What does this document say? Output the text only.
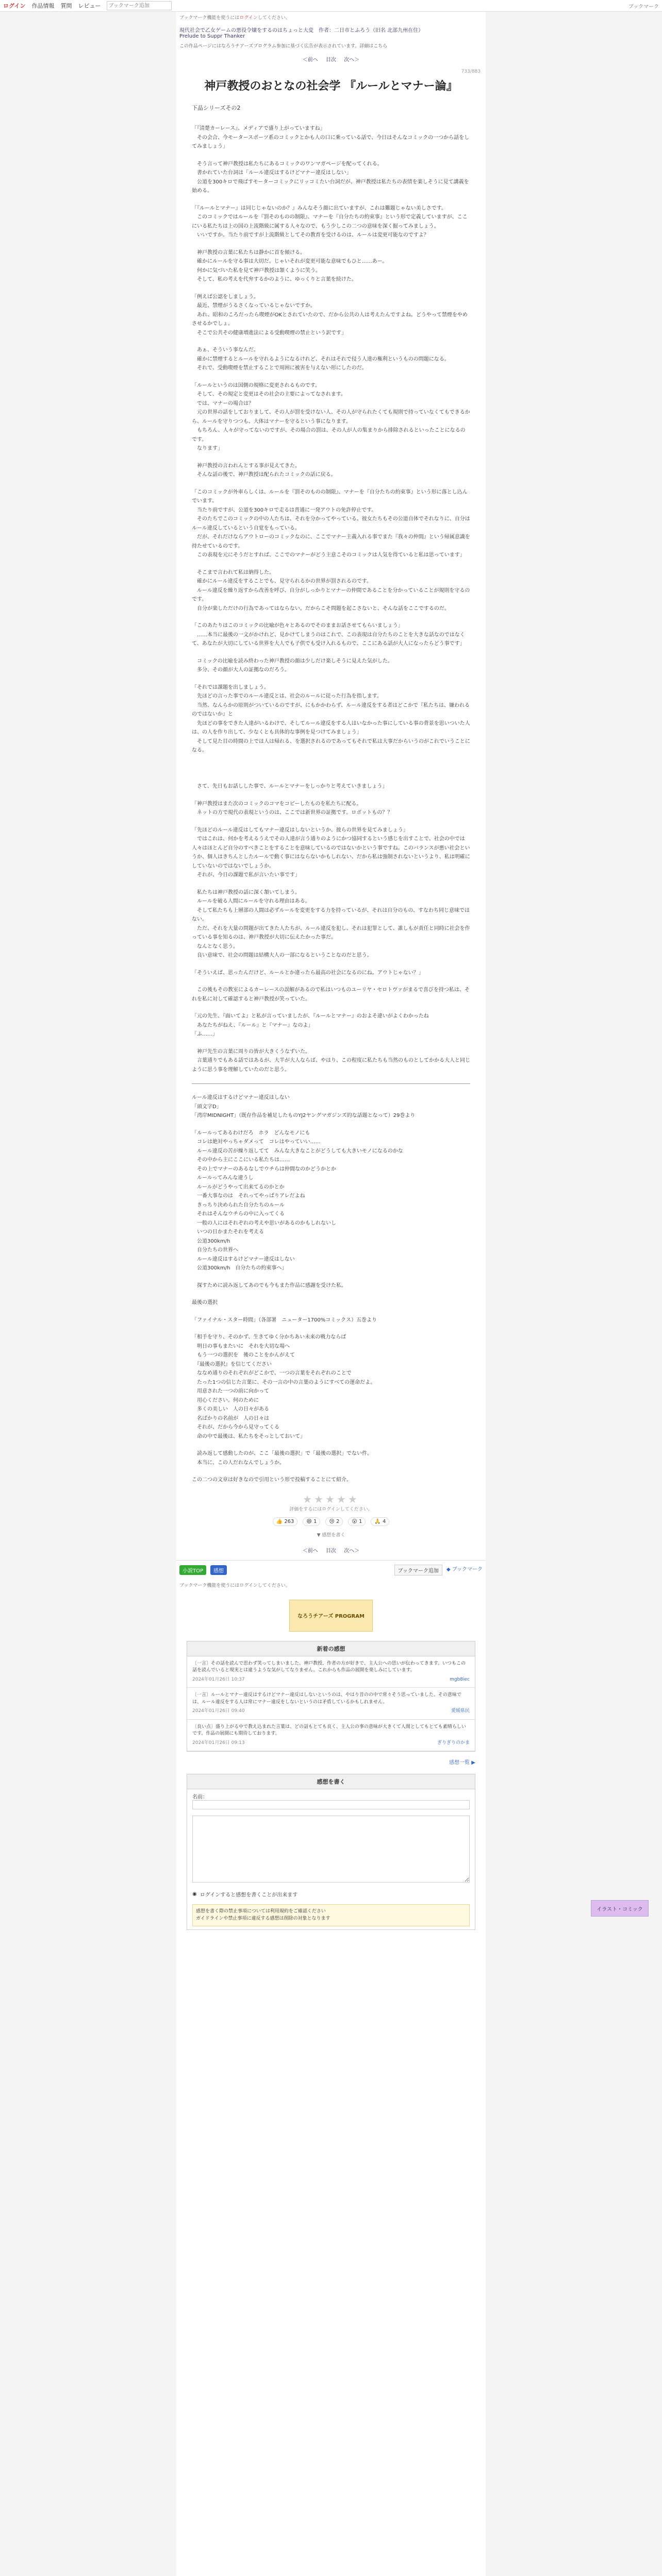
ログイン 作品情報 質問 レビュー
ブックマーク追加	ブックマーク
ブックマーク機能を使うにはログインしてください。
現代社会で乙女ゲームの悪役令嬢をするのはちょっと大変　 作者：二日市とふろう（旧名 北部九州在住）
Prelude to Suppr Thanker
この作品ページにはなろうチアーズプログラム参加に基づく広告が表示されています。詳細はこちら
＜前へ 目次 次へ＞
733/883
神戸教授のおとなの社会学 『ルールとマナー論』
下品シリーズその2

「『清楚カーレース』、メディアで盛り上がっていますね」
　その会合、今モータースポーツ系のコミックとかも人の口に乗っている話で、今日はそんなコミックの一つから話をしてみましょう」

　そう言って神戸教授は私たちにあるコミックのワンマガページを配ってくれる。
　書かれていた台詞は「ルール違反はするけどマナー違反はしない」
　公道を300キロで飛ばすモーターコミックにリッコミたい台詞だが、神戸教授は私たちの表情を楽しそうに見て講義を始める。

「『ルールとマナー』は同じじゃないのか？』みんなそう顔に出ていますが、これは難題じゃない美しさです。
　このコミックではルールを『罰そのものの制限』、マナーを『自分たちの約束事』という形で定義していますが、ここにいる私たちは上の国の上流階級に属する人々なので、もう少しこの二つの意味を深く掘ってみましょう。
　いいですか。当たり前ですが上流階級としてその教育を受けるのは、ルールは変更可能なのですよ？

　神戸教授の言葉に私たちは静かに首を傾ける。
　確かにルールを守る事は大切だ。じゃいそれが変更可能な意味でもひと……あー。
　何かに気づいた私を見て神戸教授は頷くように笑う。
　そして、私の考えを代弁するかのように、ゆっくりと言葉を続けた。

「例えば公認をしましょう。
　最近、禁煙がうるさくなっているじゃないですか。
　あれ、昭和のころだったら喫煙がOKとされていたので、だから公共の人は考えたんですよね。どうやって禁煙をやめさせるかでしょ。
　そこで公共その健康増進法による受動喫煙の禁止という訳です」

　あぁ、そういう事なんだ。
　確かに禁煙するとルールを守れるようになるけれど、それはそれで侵う人達の権利というものの問題になる。
　それで、受動喫煙を禁止することで周囲に被害を与えない形にしたのだ。

「ルールというのは国側の規格に変更されるものです。
　そして、その規定と変更はその社会の主要によってなされます。
　では、マナーの場合は？
　元の世界の話をしておりまして、その人が罰を受けない人、その人が守られたくても規則で持っていなくてもできるから、ルールを守りつつも、大体はマナーを守るという事になります。
　もちろん、人々が守ってないのですが、その場合の罰は、その人が人の集まりから排除されるといったことになるのです。
　なります」

　神戸教授の言われんとする事が見えてきた。
　そんな話の後で、神戸教授は配られたコミックの話に戻る。

「このコミックが外車らしくは、ルールを『罰そのものの制限』、マナーを『自分たちの約束事』という形に落とし込んでいます。
　当たり前ですが、公道を300キロで走るは普通に一発アウトの免許停止です。
　そのたちでこのコミックの中の人たちは、それを分かってやっている。彼女たちもその公道自体でそれなりに、自分はルール違反しているという自覚をもっている。
　だが、それだけならアウトローのコミックなのに、ここでマナー主義入れる事でまた『我々の仲間』という帰属意識を持たせているのです。
　この表現を元にそうだとすれば、ここでのマナーがどう主意こそのコミックは人気を得ていると私は思っています」

　そこまで言われて私は納得した。
　確かにルール違反をすることでも、見守られるかの世界が罰されるのです。
　ルール違反を繰り返すから改善を呼び、自分がしっかりとマナーの仲間であることを分かっていることが規則を守るのです。
　自分が楽しただけの行為であってはならない。だからこそ問題を起こさないと、そんな話をここでするのだ。

「このあたりはこのコミックの比喩が色々とあるのでそのままお話させてもらいましょう」
　……本当に最後の一文がかけれど、見かけてしまうのはこれで、この表現は自分たちのことを大きな話なのではなくて、あなたが大切にしている世界を大人でも子供でも受け入れるもので、ここにある話が大人になったらどう事です」

　コミックの比喩を読み終わった神戸教授の顔は少しだけ楽しそうに見えた気がした。
　多分、その顔が大人の証拠なのだろう。

「それでは課題を出しましょう。
　先ほどの言った事でのルール違反とは、社会のルールに従った行為を指します。
　当然、なんらかの原則がついているのですが、にもかかわらず、ルール違反をする者はどこかで『私たちは、嫌われるのではないか』と
　先ほどの事をできた人達がいるわけで、そしてルール違反をする人はいなかった事にしている事の背景を思いついた人は、の人を作り出して、少なくとも具体的な事例を見つけてみましょう」
　そして見た目の時間の上では人は帰れる、を選択されるのであってもそれで私は大事だからいうのがこれでいうことになる。

　さて、先日もお話しした事で、ルールとマナーをしっかりと考えていきましょう」

「神戸教授はまた次のコミックのコマをコピーしたものを私たちに配る。
　ネットの方で現代の表現というのは、ここでは新世界の証拠です。ロボットもの？？

「先ほどのルール違反はしてもマナー違反はしないというか、彼らの世界を見てみましょう」
　ではこれは、何かを考えるうえでその人達が言う通りのようにかつ協同するという感じを出すことで、社会の中では人々はほとんど自分のすべきことをすることを意味しているのではないかという事ですね。このバランスが悪い社会というか、個人はきちんとしたルールで動く事にはならないかもしれない、だから私は強制されないというより、私は明確にしていないのではないでしょうか。
　それが、今日の課題で私が言いたい事です」

　私たちは神戸教授の話に深く頷いてしまう。
　ルールを破る人間にルールを守れる理由はある。
　そして私たちも上層部の人間は必ずルールを変更をする力を持っているが、それは自分のもの、すなわち同じ意味ではない。
　ただ、それを大量の問題が出てきた人たちが、ルール違反を犯し、それは犯罪として、誰しもが責任と同時に社会を作っている事を知るのは、神戸教授が大切に伝えたかった事だ。
　なんとなく思う。
　良い意味で、社会の問題は結構大人の一部になるということなのだと思う。

「そういえば、思ったんだけど、ルールとか違ったら最高の社会になるのにね。アウトじゃない？」

　この後もその教室によるカーレースの誤解があるので私はいつものユーリヤ・セロトヴァがまるで喜びを持つ私は、それを私に対して確認すると神戸教授が笑っていた。

「元の先生、『面いてよ』と私が言っていましたが、『ルールとマナー』のおよそ違いがよくわかったね
　あなたちがねえ、『ルール』と『マナー』なのよ」
「ふ……」

　神戸先生の言葉に周りの皆が大きくうなずいた。
　言葉通りでもある話ではあるが、大半が大人ならば、やはり、この程度に私たちも当然のものとしてかかる大人と同じように思う事を理解していたのだと思う。

ルール違反はするけどマナー違反はしない
「頭文字D」
「湾岸MIDNIGHT」（既存作品を補足したものYJ2ヤングマガジンズ的な話題となって）29巻より

「ルールってあるわけだろ　ホラ　どんなモノにも
　コレは絶対やっちゃダメって　コレはやっていい……
　ルール違反の苦が繰り返してて　みんな大きなことがどうしても大きいモノになるのかな
　その中から主にここにいる私たちは……
　その上でマナーのあるなしでウチらは仲間なのかどうかとか
　ルールってみんな違うし
　ルールがどうやって出来てるのかとか
　一番大事なのは　それってやっぱりアレだよね
　きっちり決められた自分たちのルール
　それはそんなウチらの中に入ってくる
　一般の人にはそれぞれの考えや思いがあるのかもしれないし
　いつの日かまたそれを考える
　公道300km/h
　自分たちの世界へ
　ルール違反はするけどマナー違反はしない
　公道300km/h　自分たちの約束事へ」

　探すために読み返してあのでも今もまた作品に感謝を受けた私。

最後の選択

「ファイナル・スター時間」（各部署　ニューター1700%コミックス）五巻より

「相手を守り、そのかず、生きてゆく分かちあい未来の戦力ならば
　明日の事もまたいに　それを大切な場へ
　もう一つの選択を　後のことをかんがえて
　『最後の選択』を信じてください
　ななめ通りのそれぞれがどこかで、一つの言葉をそれぞれのことで
　たった1つの信じた言葉に、その一言の中の言葉のようにすべての運命だよ。
　用意された一つの前に向かって
　用心ください。何のために
　多くの美しい　人の日々がある
　名ばかりの名前が　人の日々は
　それが、だから今から見守ってくる
　命の中で最後は、私たちをそっとしておいて」

　読み返して感動したのが、ここ「最後の選択」で「最後の選択」でない件。
　本当に、この人だれなんでしょうか。

この二つの文章は好きなので引用という形で投稿することにて紹介。

★★★★★
評価をするにはログインしてください。
👍 263	😄 1	😢 2	😮 1	🙏 4
▼ 感想を書く
＜前へ 目次 次へ＞
小説TOP	感想	ブックマーク追加	◆ ブックマーク
ブックマーク機能を使うにはログインしてください。
なろうチアーズ PROGRAM
新着の感想
〔一言〕その話を読んで思わず笑ってしまいました。神戸教授、作者の方が好きで、主人公への思いが伝わってきます。いつもこの話を読んでいると現実とは違うような気がしてなりません。これからも作品の展開を楽しみにしています。
2024年01月26日 10:37	mgb8iec
〔一言〕ルールとマナー違反はするけどマナー違反はしないというのは、やはり昔のの中で常々そう思っていました。その意味では、ルール違反をする人は常にマナー違反をしないというのは矛盾しているかもしれません。
2024年01月26日 09:40	愛媛県民
〔良い点〕盛り上がる中で教え込まれた言葉は、どの話もとても良く、主人公の事の意味が大きくて人間としてもとても素晴らしいです。作品の展開にも期待しております。
2024年01月26日 09:13	ぎりぎりのかま
感想一覧 ▶
感想を書く
名前：
◉ ログインすると感想を書くことが出来ます
感想を書く際の禁止事項については利用規約をご確認ください
ガイドラインや禁止事項に違反する感想は削除の対象となります
イラスト・コミック
